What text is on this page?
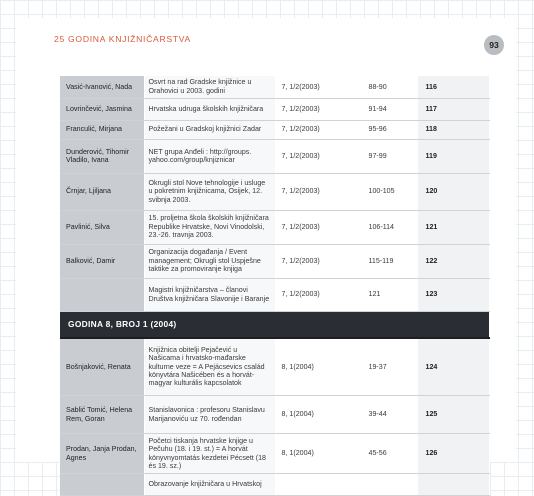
25 GODINA KNJIŽNIČARSTVA
93
Vasić-Ivanović, Nada	Osvrt na rad Gradske knjižnice u Orahovici u 2003. godini	7, 1/2(2003)	88-90	116
Lovrinčević, Jasmina	Hrvatska udruga školskih knjižničara	7, 1/2(2003)	91-94	117
Franculić, Mirjana	Požežani u Gradskoj knjižnici Zadar	7, 1/2(2003)	95-96	118
Dunderović, Tihomir Vladilo, Ivana	NET grupa Anđeli : http://groups. yahoo.com/group/knjiznicar	7, 1/2(2003)	97-99	119
Črnjar, Ljiljana	Okrugli stol Nove tehnologije i usluge u pokretnim knjižnicama, Osijek, 12. svibnja 2003.	7, 1/2(2003)	100-105	120
Pavlinić, Silva	15. proljetna škola školskih knjižničara Republike Hrvatske, Novi Vinodolski, 23.-26. travnja 2003.	7, 1/2(2003)	106-114	121
Balković, Damir	Organizacija događanja / Event management; Okrugli stol Uspješne taktike za promoviranje knjiga	7, 1/2(2003)	115-119	122
	Magistri knjižničarstva – članovi Društva knjižničara Slavonije i Baranje	7, 1/2(2003)	121	123
GODINA 8, BROJ 1 (2004)				
Bošnjaković, Renata	Knjižnica obitelji Pejačević u Našicama i hrvatsko-mađarske kulturne veze = A Pejácsevics család könyvtára Našicében és a horvát-magyar kulturális kapcsolatok	8, 1(2004)	19-37	124
Sablić Tomić, Helena Rem, Goran	Stanislavonica : profesoru Stanislavu Marijanoviću uz 70. rođendan	8, 1(2004)	39-44	125
Prodan, Janja Prodan, Agnes	Početci tiskanja hrvatske knjige u Pečuhu (18. i 19. st.) = A horvát könyvnyomtatás kezdetei Pécsett (18 és 19. sz.)	8, 1(2004)	45-56	126
	Obrazovanje knjižničara u Hrvatskoj			
